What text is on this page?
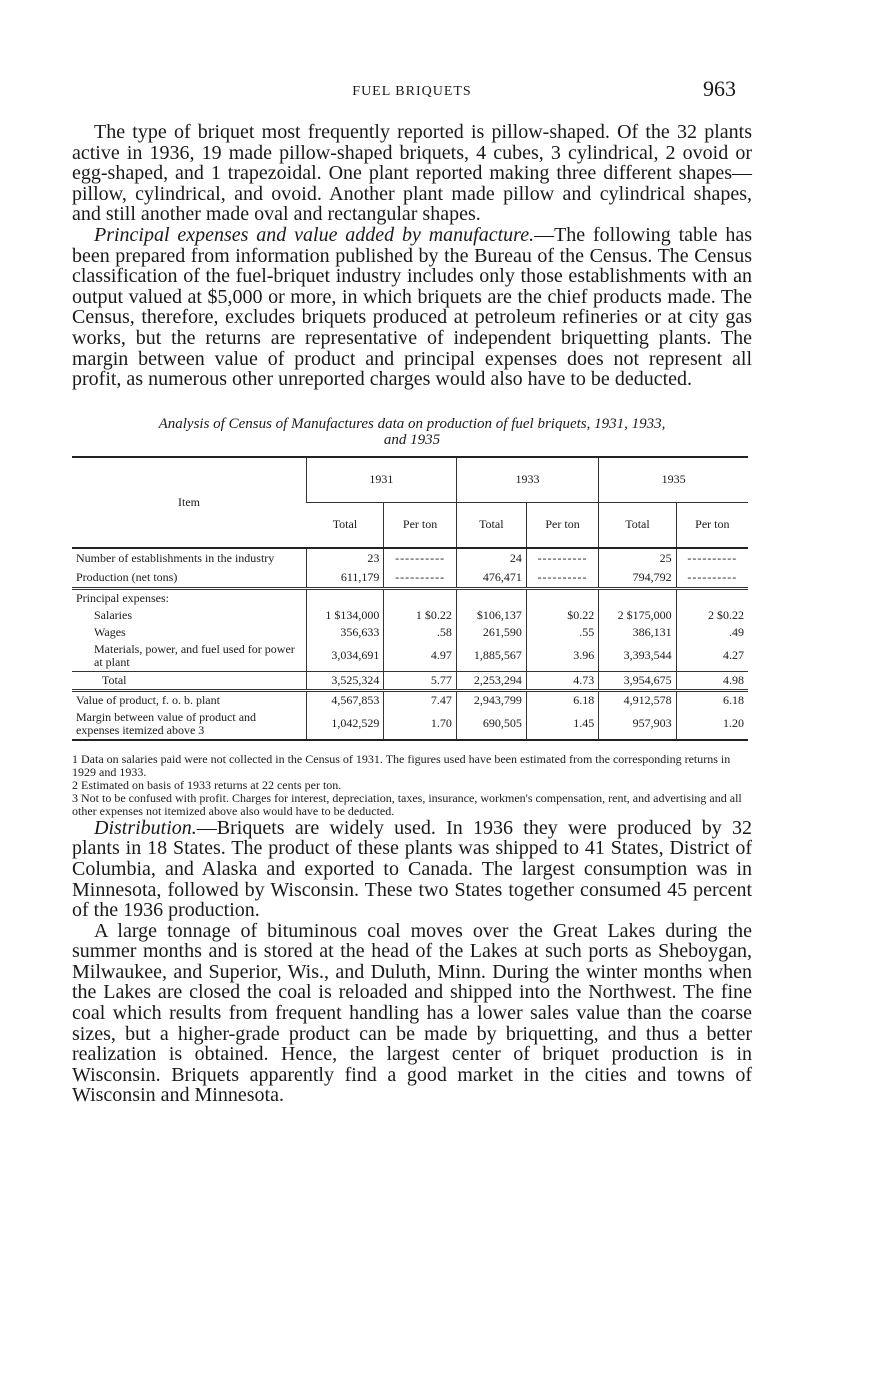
FUEL BRIQUETS	963

The type of briquet most frequently reported is pillow-shaped. Of the 32 plants active in 1936, 19 made pillow-shaped briquets, 4 cubes, 3 cylindrical, 2 ovoid or egg-shaped, and 1 trapezoidal. One plant reported making three different shapes—pillow, cylindrical, and ovoid. Another plant made pillow and cylindrical shapes, and still another made oval and rectangular shapes.

Principal expenses and value added by manufacture.—The following table has been prepared from information published by the Bureau of the Census. The Census classification of the fuel-briquet industry includes only those establishments with an output valued at $5,000 or more, in which briquets are the chief products made. The Census, therefore, excludes briquets produced at petroleum refineries or at city gas works, but the returns are representative of independent briquetting plants. The margin between value of product and principal expenses does not represent all profit, as numerous other unreported charges would also have to be deducted.

Analysis of Census of Manufactures data on production of fuel briquets, 1931, 1933,
and 1935
Item	1931		1933		1935	
	Total	Per ton	Total	Per ton	Total	Per ton
Number of establishments in the industry	23	----------	24	----------	25	----------
Production (net tons)	611,179	----------	476,471	----------	794,792	----------
Principal expenses:						
Salaries	1 $134,000	1 $0.22	$106,137	$0.22	2 $175,000	2 $0.22
Wages	356,633	.58	261,590	.55	386,131	.49
Materials, power, and fuel used for power at plant	3,034,691	4.97	1,885,567	3.96	3,393,544	4.27
Total	3,525,324	5.77	2,253,294	4.73	3,954,675	4.98
Value of product, f. o. b. plant	4,567,853	7.47	2,943,799	6.18	4,912,578	6.18
Margin between value of product and expenses itemized above 3	1,042,529	1.70	690,505	1.45	957,903	1.20
1 Data on salaries paid were not collected in the Census of 1931. The figures used have been estimated from the corresponding returns in 1929 and 1933.
2 Estimated on basis of 1933 returns at 22 cents per ton.
3 Not to be confused with profit. Charges for interest, depreciation, taxes, insurance, workmen's compensation, rent, and advertising and all other expenses not itemized above also would have to be deducted.

Distribution.—Briquets are widely used. In 1936 they were produced by 32 plants in 18 States. The product of these plants was shipped to 41 States, District of Columbia, and Alaska and exported to Canada. The largest consumption was in Minnesota, followed by Wisconsin. These two States together consumed 45 percent of the 1936 production.

A large tonnage of bituminous coal moves over the Great Lakes during the summer months and is stored at the head of the Lakes at such ports as Sheboygan, Milwaukee, and Superior, Wis., and Duluth, Minn. During the winter months when the Lakes are closed the coal is reloaded and shipped into the Northwest. The fine coal which results from frequent handling has a lower sales value than the coarse sizes, but a higher-grade product can be made by briquetting, and thus a better realization is obtained. Hence, the largest center of briquet production is in Wisconsin. Briquets apparently find a good market in the cities and towns of Wisconsin and Minnesota.
